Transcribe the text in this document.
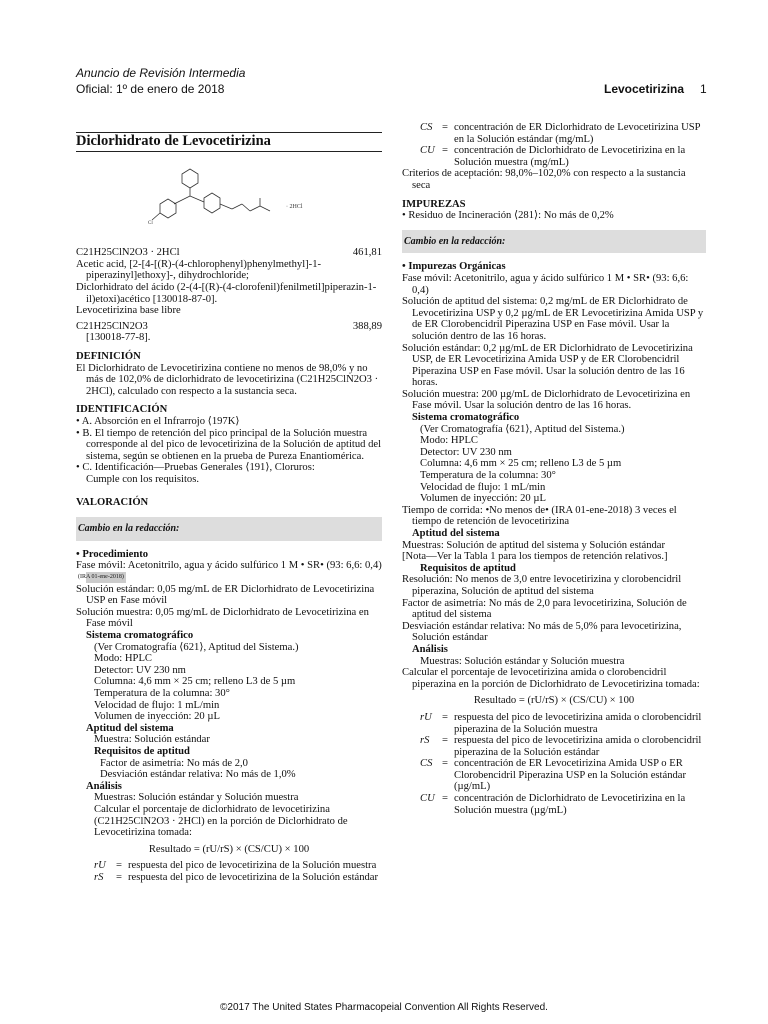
Anuncio de Revisión Intermedia
Oficial: 1º de enero de 2018	Levocetirizina 1
Diclorhidrato de Levocetirizina
Cl
· 2HCl
C21H25ClN2O3 · 2HCl	461,81

Acetic acid, [2-[4-[(R)-(4-chlorophenyl)phenylmethyl]-1-piperazinyl]ethoxy]-, dihydrochloride;

Diclorhidrato del ácido (2-(4-[(R)-(4-clorofenil)fenilmetil]piperazin-1-il)etoxi)acético [130018-87-0].

Levocetirizina base libre

C21H25ClN2O3	388,89

[130018-77-8].

DEFINICIÓN

El Diclorhidrato de Levocetirizina contiene no menos de 98,0% y no más de 102,0% de diclorhidrato de levocetirizina (C21H25ClN2O3 · 2HCl), calculado con respecto a la sustancia seca.

IDENTIFICACIÓN

• A. Absorción en el Infrarrojo ⟨197K⟩

• B. El tiempo de retención del pico principal de la Solución muestra corresponde al del pico de levocetirizina de la Solución de aptitud del sistema, según se obtienen en la prueba de Pureza Enantiomérica.

• C. Identificación—Pruebas Generales ⟨191⟩, Cloruros:

Cumple con los requisitos.

VALORACIÓN

Cambio en la redacción:

• Procedimiento

Fase móvil: Acetonitrilo, agua y ácido sulfúrico 1 M • SR• (93: 6,6: 0,4) (IRA 01-ene-2018)

Solución estándar: 0,05 mg/mL de ER Diclorhidrato de Levocetirizina USP en Fase móvil

Solución muestra: 0,05 mg/mL de Diclorhidrato de Levocetirizina en Fase móvil

Sistema cromatográfico

(Ver Cromatografía ⟨621⟩, Aptitud del Sistema.)

Modo: HPLC

Detector: UV 230 nm

Columna: 4,6 mm × 25 cm; relleno L3 de 5 µm

Temperatura de la columna: 30°

Velocidad de flujo: 1 mL/min

Volumen de inyección: 20 µL

Aptitud del sistema

Muestra: Solución estándar

Requisitos de aptitud

Factor de asimetría: No más de 2,0

Desviación estándar relativa: No más de 1,0%

Análisis

Muestras: Solución estándar y Solución muestra

Calcular el porcentaje de diclorhidrato de levocetirizina (C21H25ClN2O3 · 2HCl) en la porción de Diclorhidrato de Levocetirizina tomada:

Resultado = (rU/rS) × (CS/CU) × 100

rU = respuesta del pico de levocetirizina de la Solución muestra
rS	= respuesta del pico de levocetirizina de la Solución estándar
CS = concentración de ER Diclorhidrato de Levocetirizina USP en la Solución estándar (mg/mL)
CU = concentración de Diclorhidrato de Levocetirizina en la Solución muestra (mg/mL)

Criterios de aceptación: 98,0%–102,0% con respecto a la sustancia seca

IMPUREZAS

• Residuo de Incineración ⟨281⟩: No más de 0,2%

Cambio en la redacción:

• Impurezas Orgánicas

Fase móvil: Acetonitrilo, agua y ácido sulfúrico 1 M • SR• (93: 6,6: 0,4)

Solución de aptitud del sistema: 0,2 mg/mL de ER Diclorhidrato de Levocetirizina USP y 0,2 µg/mL de ER Levocetirizina Amida USP y de ER Clorobencidril Piperazina USP en Fase móvil. Usar la solución dentro de las 16 horas.

Solución estándar: 0,2 µg/mL de ER Diclorhidrato de Levocetirizina USP, de ER Levocetirizina Amida USP y de ER Clorobencidril Piperazina USP en Fase móvil. Usar la solución dentro de las 16 horas.

Solución muestra: 200 µg/mL de Diclorhidrato de Levocetirizina en Fase móvil. Usar la solución dentro de las 16 horas.

Sistema cromatográfico

(Ver Cromatografía ⟨621⟩, Aptitud del Sistema.)

Modo: HPLC

Detector: UV 230 nm

Columna: 4,6 mm × 25 cm; relleno L3 de 5 µm

Temperatura de la columna: 30°

Velocidad de flujo: 1 mL/min

Volumen de inyección: 20 µL

Tiempo de corrida: •No menos de• (IRA 01-ene-2018) 3 veces el tiempo de retención de levocetirizina

Aptitud del sistema

Muestras: Solución de aptitud del sistema y Solución estándar

[Nota—Ver la Tabla 1 para los tiempos de retención relativos.]

Requisitos de aptitud

Resolución: No menos de 3,0 entre levocetirizina y clorobencidril piperazina, Solución de aptitud del sistema

Factor de asimetría: No más de 2,0 para levocetirizina, Solución de aptitud del sistema

Desviación estándar relativa: No más de 5,0% para levocetirizina, Solución estándar

Análisis

Muestras: Solución estándar y Solución muestra

Calcular el porcentaje de levocetirizina amida o clorobencidril piperazina en la porción de Diclorhidrato de Levocetirizina tomada:

Resultado = (rU/rS) × (CS/CU) × 100

rU = respuesta del pico de levocetirizina amida o clorobencidril piperazina de la Solución muestra
rS	= respuesta del pico de levocetirizina amida o clorobencidril piperazina de la Solución estándar
CS = concentración de ER Levocetirizina Amida USP o ER Clorobencidril Piperazina USP en la Solución estándar (µg/mL)
CU = concentración de Diclorhidrato de Levocetirizina en la Solución muestra (µg/mL)
©2017 The United States Pharmacopeial Convention All Rights Reserved.
